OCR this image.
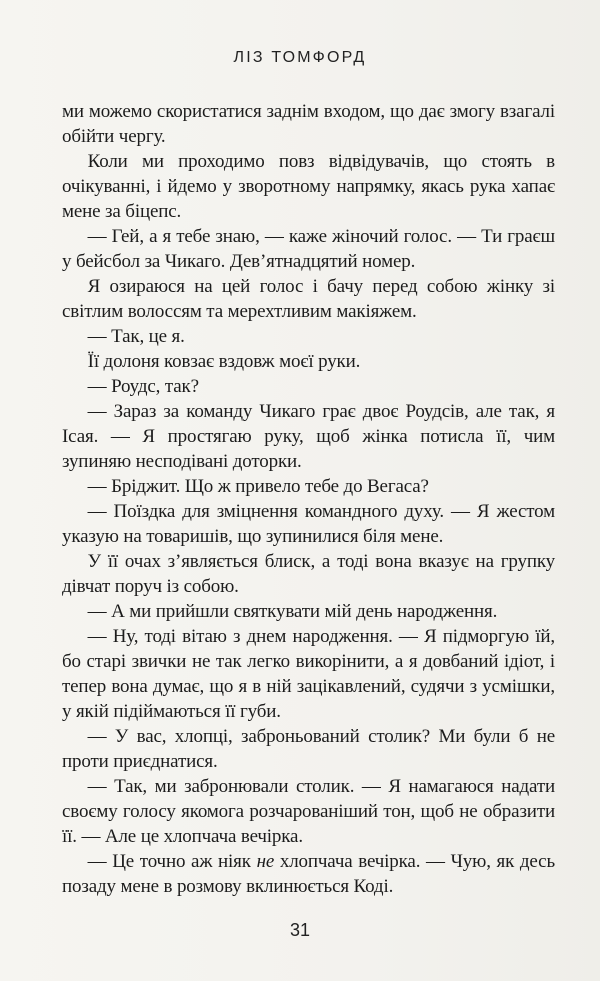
ЛІЗ ТОМФОРД

ми можемо скористатися заднім входом, що дає змогу взагалі обійти чергу.

Коли ми проходимо повз відвідувачів, що стоять в очікуванні, і йдемо у зворотному напрямку, якась рука хапає мене за біцепс.

— Гей, а я тебе знаю, — каже жіночий голос. — Ти граєш у бейсбол за Чикаго. Дев’ятнадцятий номер.

Я озираюся на цей голос і бачу перед собою жінку зі світлим волоссям та мерехтливим макіяжем.

— Так, це я.

Її долоня ковзає вздовж моєї руки.

— Роудс, так?

— Зараз за команду Чикаго грає двоє Роудсів, але так, я Ісая. — Я простягаю руку, щоб жінка потисла її, чим зупиняю несподівані доторки.

— Бріджит. Що ж привело тебе до Вегаса?

— Поїздка для зміцнення командного духу. — Я жестом указую на товаришів, що зупинилися біля мене.

У її очах з’являється блиск, а тоді вона вказує на групку дівчат поруч із собою.

— А ми прийшли святкувати мій день народження.

— Ну, тоді вітаю з днем народження. — Я підморгую їй, бо старі звички не так легко викорінити, а я довбаний ідіот, і тепер вона думає, що я в ній зацікавлений, судячи з усмішки, у якій підіймаються її губи.

— У вас, хлопці, заброньований столик? Ми були б не проти приєднатися.

— Так, ми забронювали столик. — Я намагаюся надати своєму голосу якомога розчарованіший тон, щоб не образити її. — Але це хлопчача вечірка.

— Це точно аж ніяк не хлопчача вечірка. — Чую, як десь позаду мене в розмову вклинюється Коді.

31
